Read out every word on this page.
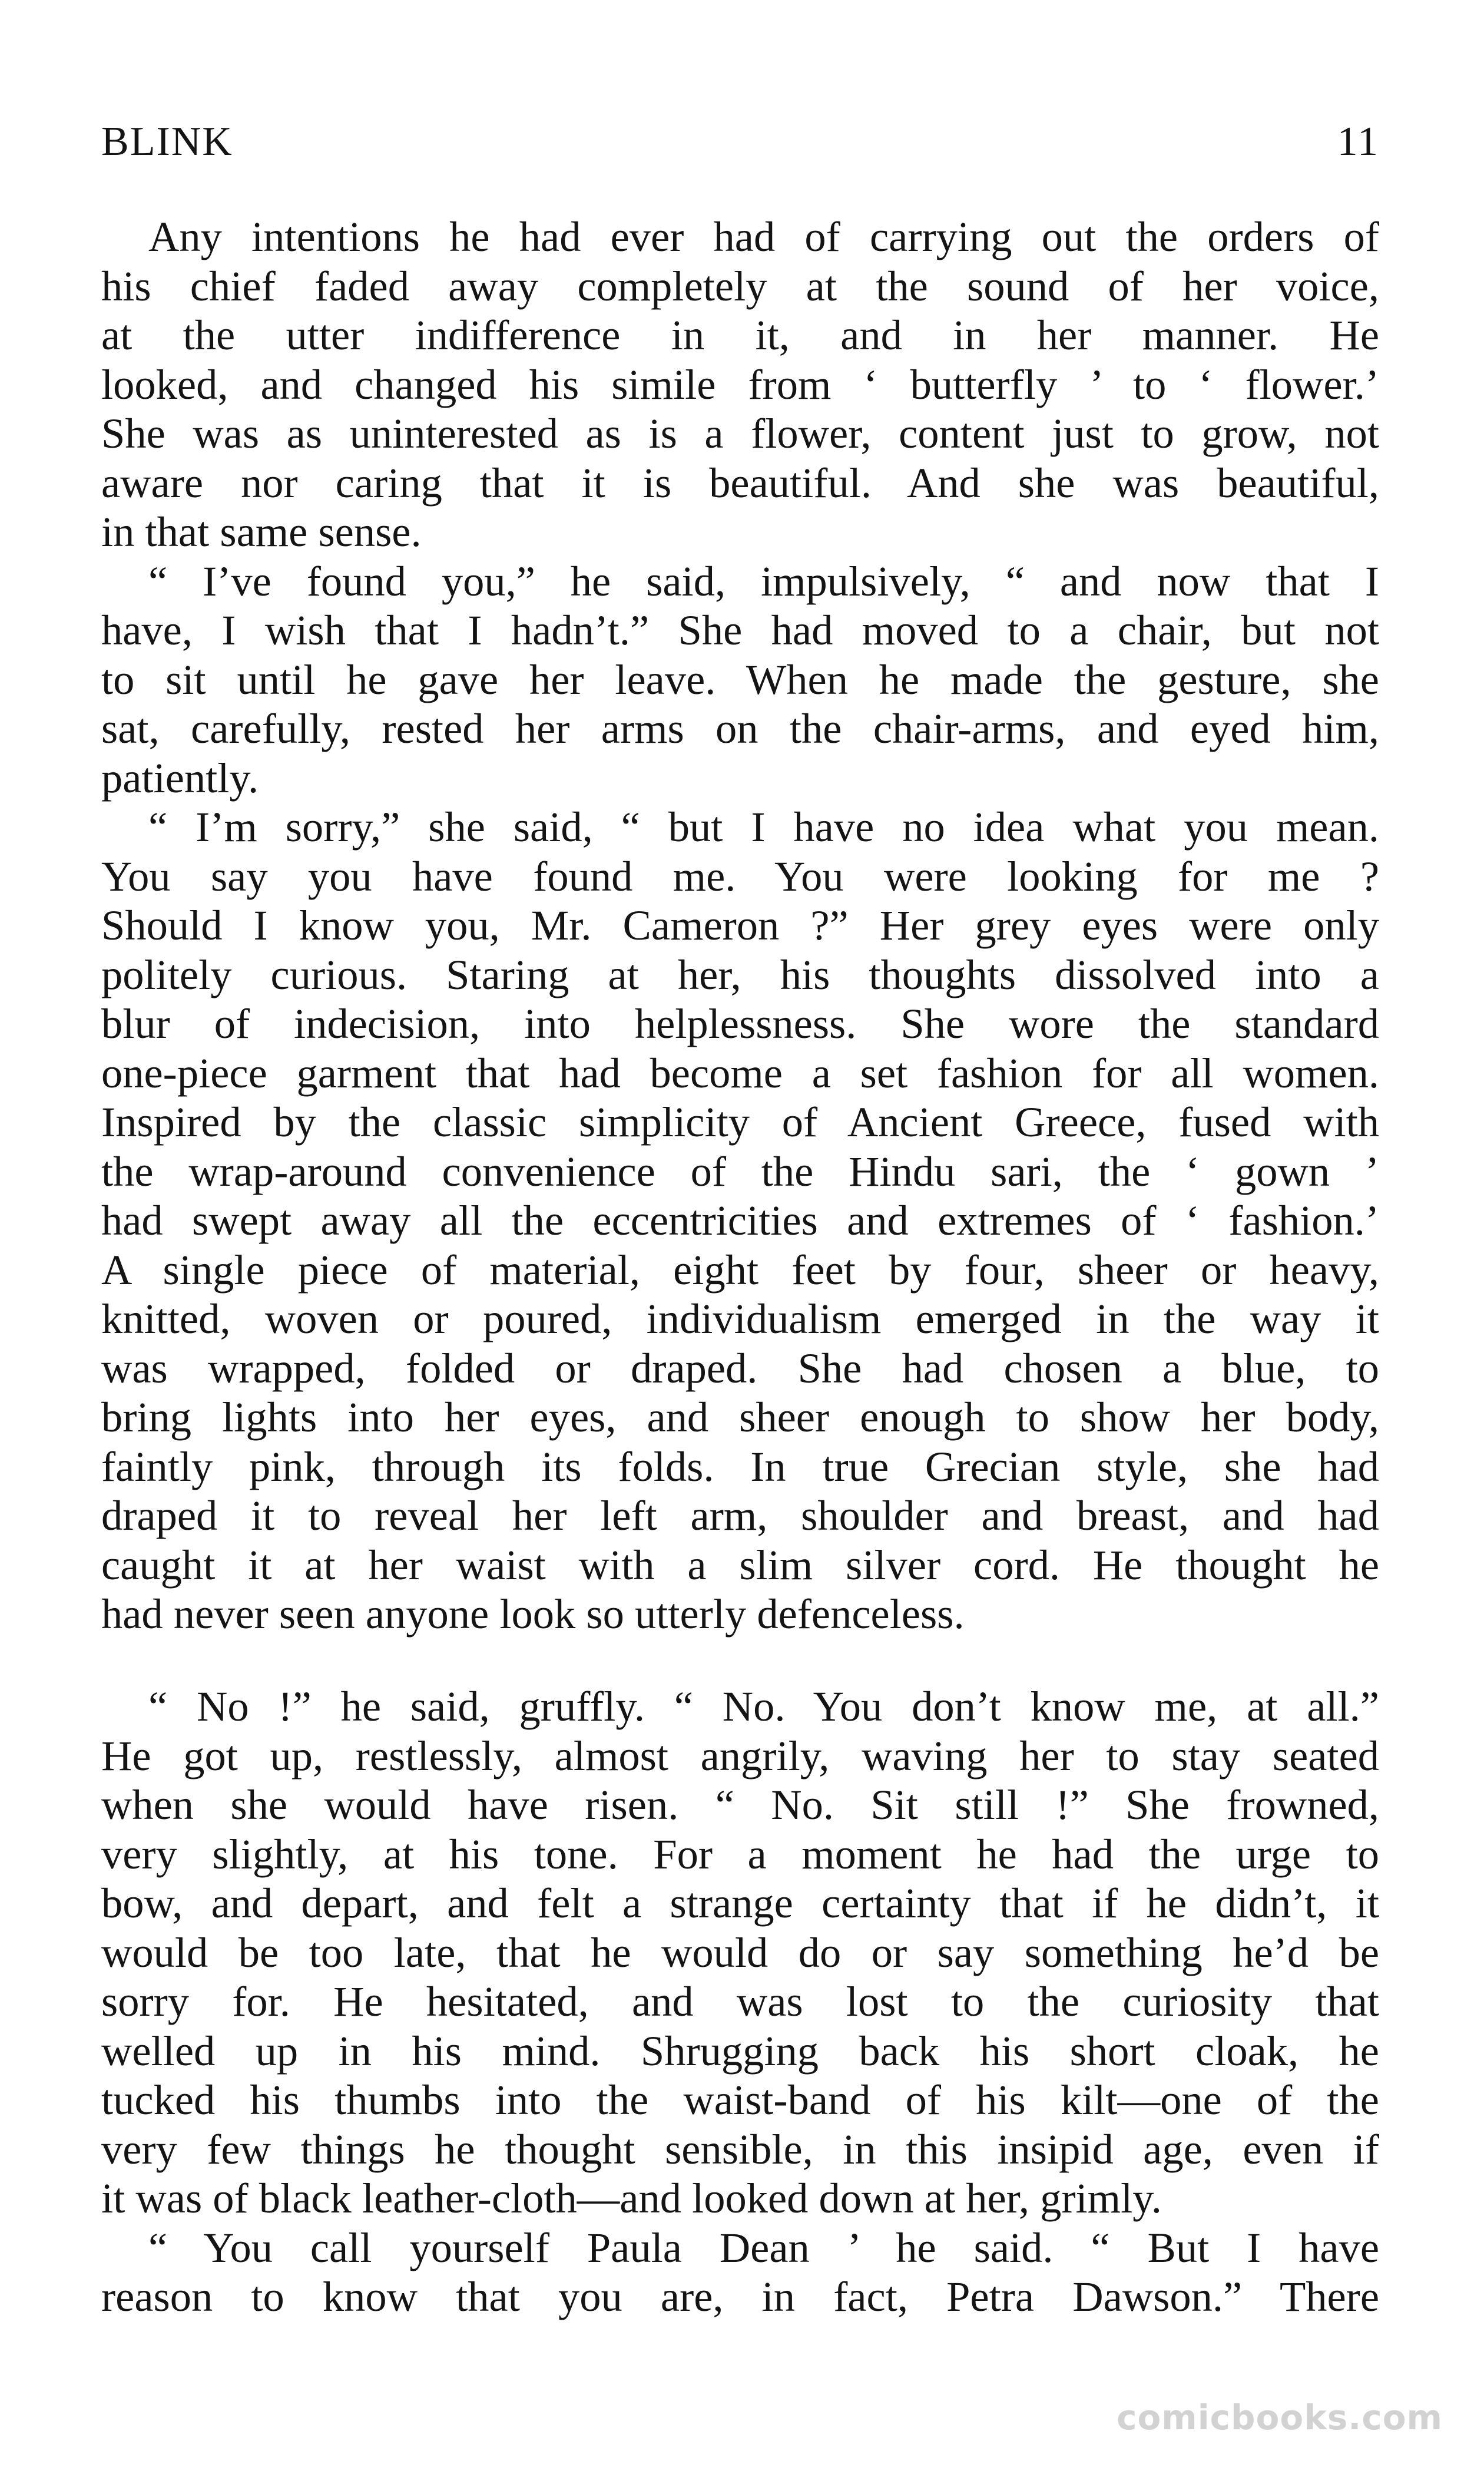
BLINK	11
Any intentions he had ever had of carrying out the orders of
his chief faded away completely at the sound of her voice,
at the utter indifference in it, and in her manner. He
looked, and changed his simile from ‘ butterfly ’ to ‘ flower.’
She was as uninterested as is a flower, content just to grow, not
aware nor caring that it is beautiful. And she was beautiful,
in that same sense.
“ I’ve found you,” he said, impulsively, “ and now that I
have, I wish that I hadn’t.” She had moved to a chair, but not
to sit until he gave her leave. When he made the gesture, she
sat, carefully, rested her arms on the chair-arms, and eyed him,
patiently.
“ I’m sorry,” she said, “ but I have no idea what you mean.
You say you have found me. You were looking for me ?
Should I know you, Mr. Cameron ?” Her grey eyes were only
politely curious. Staring at her, his thoughts dissolved into a
blur of indecision, into helplessness. She wore the standard
one-piece garment that had become a set fashion for all women.
Inspired by the classic simplicity of Ancient Greece, fused with
the wrap-around convenience of the Hindu sari, the ‘ gown ’
had swept away all the eccentricities and extremes of ‘ fashion.’
A single piece of material, eight feet by four, sheer or heavy,
knitted, woven or poured, individualism emerged in the way it
was wrapped, folded or draped. She had chosen a blue, to
bring lights into her eyes, and sheer enough to show her body,
faintly pink, through its folds. In true Grecian style, she had
draped it to reveal her left arm, shoulder and breast, and had
caught it at her waist with a slim silver cord. He thought he
had never seen anyone look so utterly defenceless.
“ No !” he said, gruffly. “ No. You don’t know me, at all.”
He got up, restlessly, almost angrily, waving her to stay seated
when she would have risen. “ No. Sit still !” She frowned,
very slightly, at his tone. For a moment he had the urge to
bow, and depart, and felt a strange certainty that if he didn’t, it
would be too late, that he would do or say something he’d be
sorry for. He hesitated, and was lost to the curiosity that
welled up in his mind. Shrugging back his short cloak, he
tucked his thumbs into the waist-band of his kilt—one of the
very few things he thought sensible, in this insipid age, even if
it was of black leather-cloth—and looked down at her, grimly.
“ You call yourself Paula Dean ’ he said. “ But I have
reason to know that you are, in fact, Petra Dawson.” There
comicbooks.com
